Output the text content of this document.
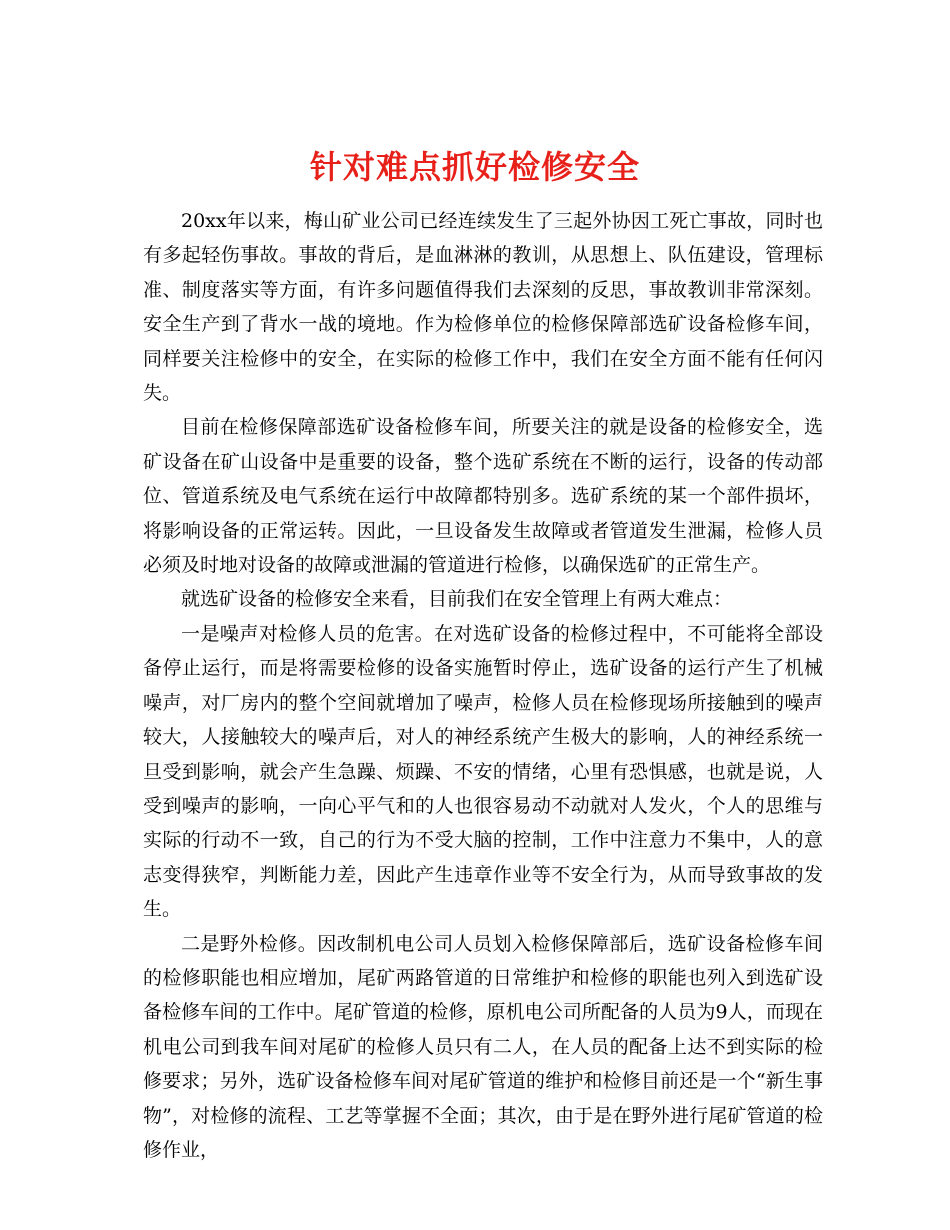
针对难点抓好检修安全

20xx年以来，梅山矿业公司已经连续发生了三起外协因工死亡事故，同时也有多起轻伤事故。事故的背后，是血淋淋的教训，从思想上、队伍建设，管理标准、制度落实等方面，有许多问题值得我们去深刻的反思，事故教训非常深刻。安全生产到了背水一战的境地。作为检修单位的检修保障部选矿设备检修车间，同样要关注检修中的安全，在实际的检修工作中，我们在安全方面不能有任何闪失。

目前在检修保障部选矿设备检修车间，所要关注的就是设备的检修安全，选矿设备在矿山设备中是重要的设备，整个选矿系统在不断的运行，设备的传动部位、管道系统及电气系统在运行中故障都特别多。选矿系统的某一个部件损坏，将影响设备的正常运转。因此，一旦设备发生故障或者管道发生泄漏，检修人员必须及时地对设备的故障或泄漏的管道进行检修，以确保选矿的正常生产。

就选矿设备的检修安全来看，目前我们在安全管理上有两大难点：

一是噪声对检修人员的危害。在对选矿设备的检修过程中，不可能将全部设备停止运行，而是将需要检修的设备实施暂时停止，选矿设备的运行产生了机械噪声，对厂房内的整个空间就增加了噪声，检修人员在检修现场所接触到的噪声较大，人接触较大的噪声后，对人的神经系统产生极大的影响，人的神经系统一旦受到影响，就会产生急躁、烦躁、不安的情绪，心里有恐惧感，也就是说，人受到噪声的影响，一向心平气和的人也很容易动不动就对人发火，个人的思维与实际的行动不一致，自己的行为不受大脑的控制，工作中注意力不集中，人的意志变得狭窄，判断能力差，因此产生违章作业等不安全行为，从而导致事故的发生。

二是野外检修。因改制机电公司人员划入检修保障部后，选矿设备检修车间的检修职能也相应增加，尾矿两路管道的日常维护和检修的职能也列入到选矿设备检修车间的工作中。尾矿管道的检修，原机电公司所配备的人员为9人，而现在机电公司到我车间对尾矿的检修人员只有二人，在人员的配备上达不到实际的检修要求；另外，选矿设备检修车间对尾矿管道的维护和检修目前还是一个“新生事物”，对检修的流程、工艺等掌握不全面；其次，由于是在野外进行尾矿管道的检修作业，
